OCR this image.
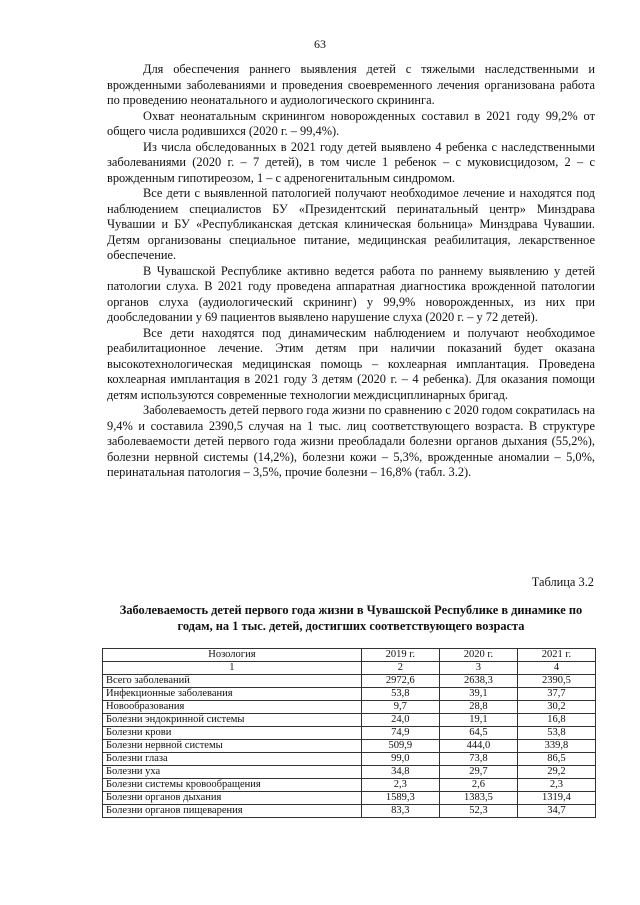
63

Для обеспечения раннего выявления детей с тяжелыми наследственными и врожденными заболеваниями и проведения своевременного лечения организована работа по проведению неонатального и аудиологического скрининга.

Охват неонатальным скринингом новорожденных составил в 2021 году 99,2% от общего числа родившихся (2020 г. – 99,4%).

Из числа обследованных в 2021 году детей выявлено 4 ребенка с наследственными заболеваниями (2020 г. – 7 детей), в том числе 1 ребенок – с муковисцидозом, 2 – с врожденным гипотиреозом, 1 – с адреногенитальным синдромом.

Все дети с выявленной патологией получают необходимое лечение и находятся под наблюдением специалистов БУ «Президентский перинатальный центр» Минздрава Чувашии и БУ «Республиканская детская клиническая больница» Минздрава Чувашии. Детям организованы специальное питание, медицинская реабилитация, лекарственное обеспечение.

В Чувашской Республике активно ведется работа по раннему выявлению у детей патологии слуха. В 2021 году проведена аппаратная диагностика врожденной патологии органов слуха (аудиологический скрининг) у 99,9% новорожденных, из них при дообследовании у 69 пациентов выявлено нарушение слуха (2020 г. – у 72 детей).

Все дети находятся под динамическим наблюдением и получают необходимое реабилитационное лечение. Этим детям при наличии показаний будет оказана высокотехнологическая медицинская помощь – кохлеарная имплантация. Проведена кохлеарная имплантация в 2021 году 3 детям (2020 г. – 4 ребенка). Для оказания помощи детям используются современные технологии междисциплинарных бригад.

Заболеваемость детей первого года жизни по сравнению с 2020 годом сократилась на 9,4% и составила 2390,5 случая на 1 тыс. лиц соответствующего возраста. В структуре заболеваемости детей первого года жизни преобладали болезни органов дыхания (55,2%), болезни нервной системы (14,2%), болезни кожи – 5,3%, врожденные аномалии – 5,0%, перинатальная патология – 3,5%, прочие болезни – 16,8% (табл. 3.2).

Таблица 3.2
Заболеваемость детей первого года жизни в Чувашской Республике в динамике по годам, на 1 тыс. детей, достигших соответствующего возраста
Нозология	2019 г.	2020 г.	2021 г.
1	2	3	4
Всего заболеваний	2972,6	2638,3	2390,5
Инфекционные заболевания	53,8	39,1	37,7
Новообразования	9,7	28,8	30,2
Болезни эндокринной системы	24,0	19,1	16,8
Болезни крови	74,9	64,5	53,8
Болезни нервной системы	509,9	444,0	339,8
Болезни глаза	99,0	73,8	86,5
Болезни уха	34,8	29,7	29,2
Болезни системы кровообращения	2,3	2,6	2,3
Болезни органов дыхания	1589,3	1383,5	1319,4
Болезни органов пищеварения	83,3	52,3	34,7
